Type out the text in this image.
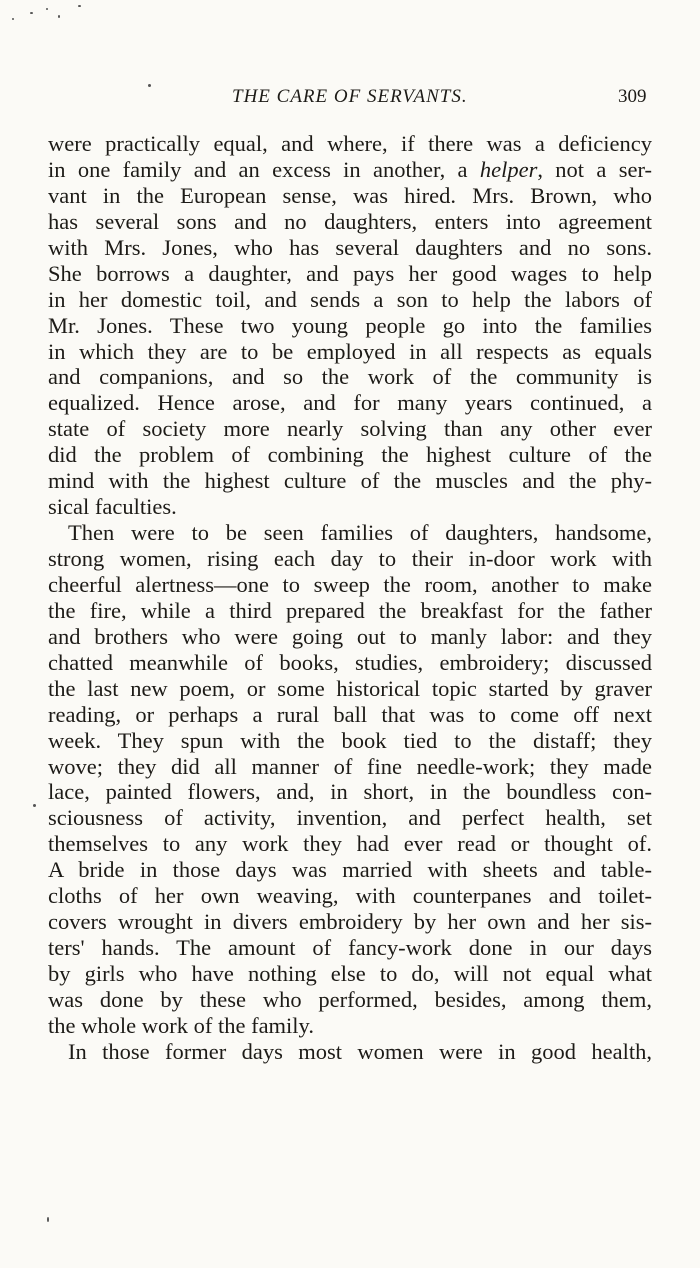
THE CARE OF SERVANTS.	309
were practically equal, and where, if there was a deficiency
in one family and an excess in another, a helper, not a ser-
vant in the European sense, was hired. Mrs. Brown, who
has several sons and no daughters, enters into agreement
with Mrs. Jones, who has several daughters and no sons.
She borrows a daughter, and pays her good wages to help
in her domestic toil, and sends a son to help the labors of
Mr. Jones. These two young people go into the families
in which they are to be employed in all respects as equals
and companions, and so the work of the community is
equalized. Hence arose, and for many years continued, a
state of society more nearly solving than any other ever
did the problem of combining the highest culture of the
mind with the highest culture of the muscles and the phy-
sical faculties.
Then were to be seen families of daughters, handsome,
strong women, rising each day to their in-door work with
cheerful alertness—one to sweep the room, another to make
the fire, while a third prepared the breakfast for the father
and brothers who were going out to manly labor: and they
chatted meanwhile of books, studies, embroidery; discussed
the last new poem, or some historical topic started by graver
reading, or perhaps a rural ball that was to come off next
week. They spun with the book tied to the distaff; they
wove; they did all manner of fine needle-work; they made
lace, painted flowers, and, in short, in the boundless con-
sciousness of activity, invention, and perfect health, set
themselves to any work they had ever read or thought of.
A bride in those days was married with sheets and table-
cloths of her own weaving, with counterpanes and toilet-
covers wrought in divers embroidery by her own and her sis-
ters' hands. The amount of fancy-work done in our days
by girls who have nothing else to do, will not equal what
was done by these who performed, besides, among them,
the whole work of the family.
In those former days most women were in good health,
